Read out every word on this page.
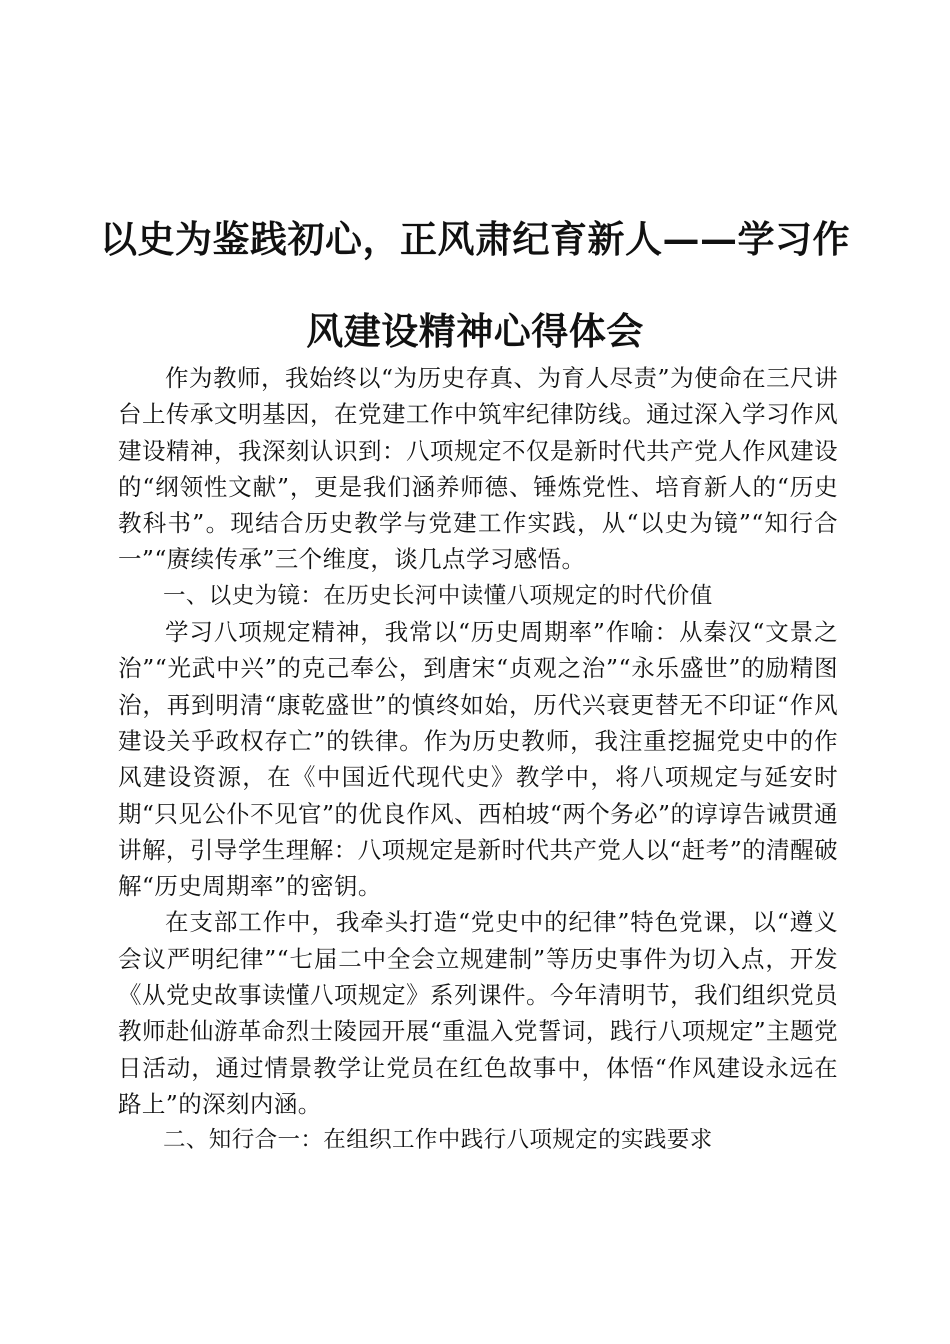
以史为鉴践初心，正风肃纪育新人——学习作
风建设精神心得体会

作为教师，我始终以“为历史存真、为育人尽责”为使命在三尺讲台上传承文明基因，在党建工作中筑牢纪律防线。通过深入学习作风建设精神，我深刻认识到：八项规定不仅是新时代共产党人作风建设的“纲领性文献”，更是我们涵养师德、锤炼党性、培育新人的“历史教科书”。现结合历史教学与党建工作实践，从“以史为镜”“知行合一”“赓续传承”三个维度，谈几点学习感悟。

一、以史为镜：在历史长河中读懂八项规定的时代价值

学习八项规定精神，我常以“历史周期率”作喻：从秦汉“文景之治”“光武中兴”的克己奉公，到唐宋“贞观之治”“永乐盛世”的励精图治，再到明清“康乾盛世”的慎终如始，历代兴衰更替无不印证“作风建设关乎政权存亡”的铁律。作为历史教师，我注重挖掘党史中的作风建设资源，在《中国近代现代史》教学中，将八项规定与延安时期“只见公仆不见官”的优良作风、西柏坡“两个务必”的谆谆告诫贯通讲解，引导学生理解：八项规定是新时代共产党人以“赶考”的清醒破解“历史周期率”的密钥。

在支部工作中，我牵头打造“党史中的纪律”特色党课，以“遵义会议严明纪律”“七届二中全会立规建制”等历史事件为切入点，开发《从党史故事读懂八项规定》系列课件。今年清明节，我们组织党员教师赴仙游革命烈士陵园开展“重温入党誓词，践行八项规定”主题党日活动，通过情景教学让党员在红色故事中，体悟“作风建设永远在路上”的深刻内涵。

二、知行合一：在组织工作中践行八项规定的实践要求
